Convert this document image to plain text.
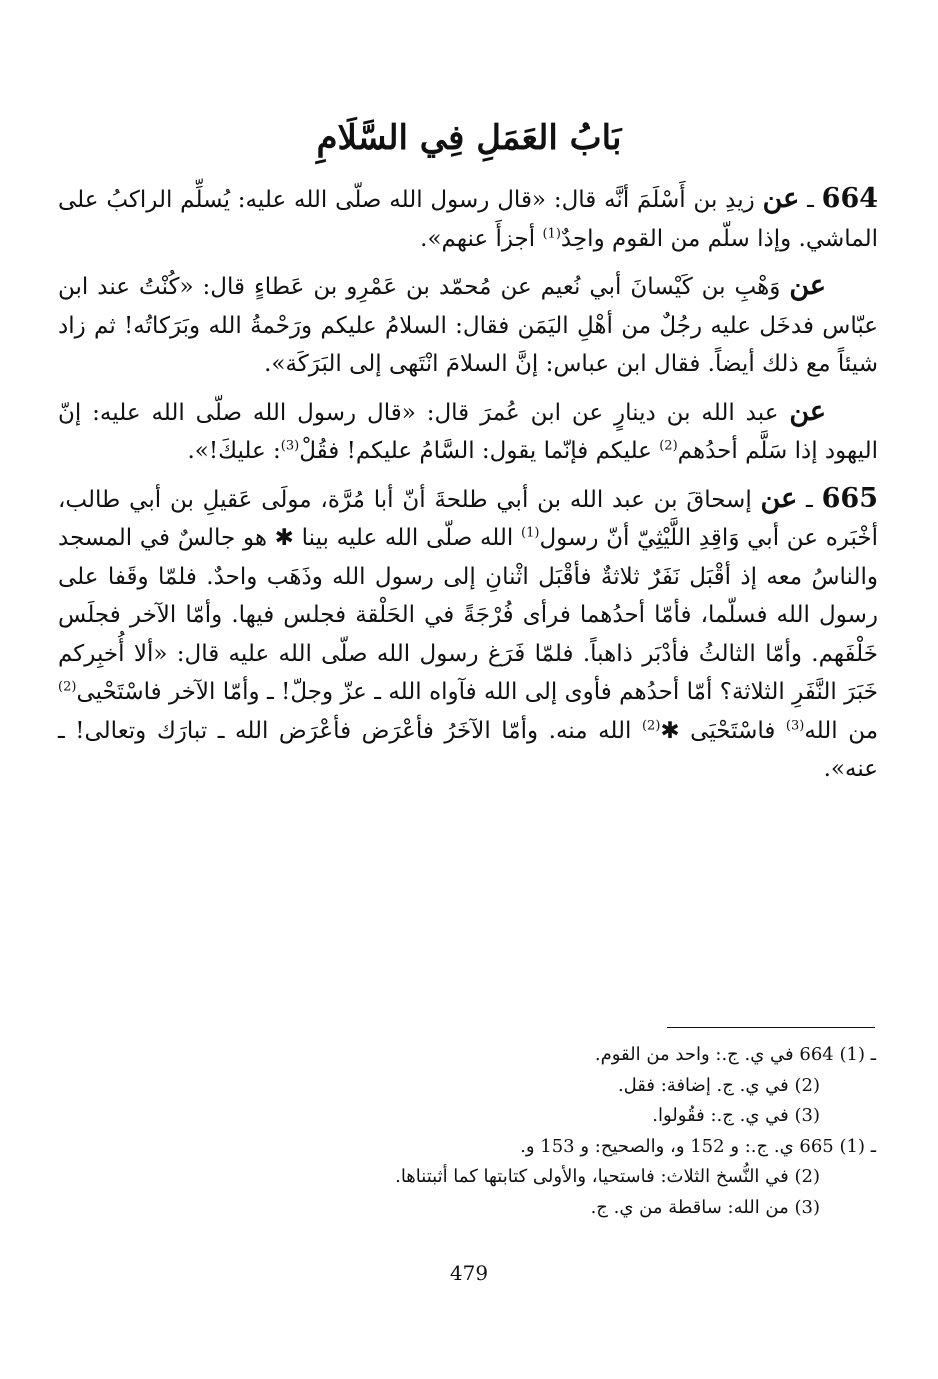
بَابُ العَمَلِ فِي السَّلَامِ

664 ـ عن زيدِ بن أَسْلَمَ أنَّه قال: «قال رسول الله صلّى الله عليه: يُسلِّم الراكبُ على الماشي. وإذا سلّم من القوم واحِدٌ$^{(1)}$ أجزأَ عنهم».

عن وَهْبِ بن كَيْسانَ أبي نُعيم عن مُحمّد بن عَمْرِو بن عَطاءٍ قال: «كُنْتُ عند ابن عبّاس فدخَل عليه رجُلٌ من أهْلِ اليَمَن فقال: السلامُ عليكم ورَحْمةُ الله وبَرَكاتُه! ثم زاد شيئاً مع ذلك أيضاً. فقال ابن عباس: إنَّ السلامَ انْتَهى إلى البَرَكَة».

عن عبد الله بن دينارٍ عن ابن عُمرَ قال: «قال رسول الله صلّى الله عليه: إنّ اليهود إذا سَلَّم أحدُهم$^{(2)}$ عليكم فإنّما يقول: السَّامُ عليكم! فقُلْ$^{(3)}$: عليكَ!».

665 ـ عن إسحاقَ بن عبد الله بن أبي طلحةَ أنّ أبا مُرَّة، مولَى عَقيلِ بن أبي طالب، أخْبَره عن أبي وَاقِدِ اللَّيْثِيّ أنّ رسول$^{(1)}$ الله صلّى الله عليه بينا ✱ هو جالسٌ في المسجد والناسُ معه إذ أقْبَل نَفَرٌ ثلاثةٌ فأقْبَل اثْنانِ إلى رسول الله وذَهَب واحدٌ. فلمّا وقَفا على رسول الله فسلّما، فأمّا أحدُهما فرأى فُرْجَةً في الحَلْقة فجلس فيها. وأمّا الآخر فجلَس خَلْفَهم. وأمّا الثالثُ فأدْبَر ذاهباً. فلمّا فَرَغ رسول الله صلّى الله عليه قال: «ألا أُخبِركم خَبَرَ النَّفَرِ الثلاثة؟ أمّا أحدُهم فأوى إلى الله فآواه الله ـ عزّ وجلّ! ـ وأمّا الآخر فاسْتَحْيى$^{(2)}$ من الله$^{(3)}$ فاسْتَحْيَى ✱$^{(2)}$ الله منه. وأمّا الآخَرُ فأعْرَض فأعْرَض الله ـ تبارَك وتعالى! ـ عنه».

664 ـ (1) في ي. ج.: واحد من القوم.
(2) في ي. ج. إضافة: فقل.
(3) في ي. ج.: فقُولوا.
665 ـ (1) ي. ج.: و 152 و، والصحيح: و 153 و.
(2) في النُّسخ الثلاث: فاستحيا، والأولى كتابتها كما أثبتناها.
(3) من الله: ساقطة من ي. ج.
479
